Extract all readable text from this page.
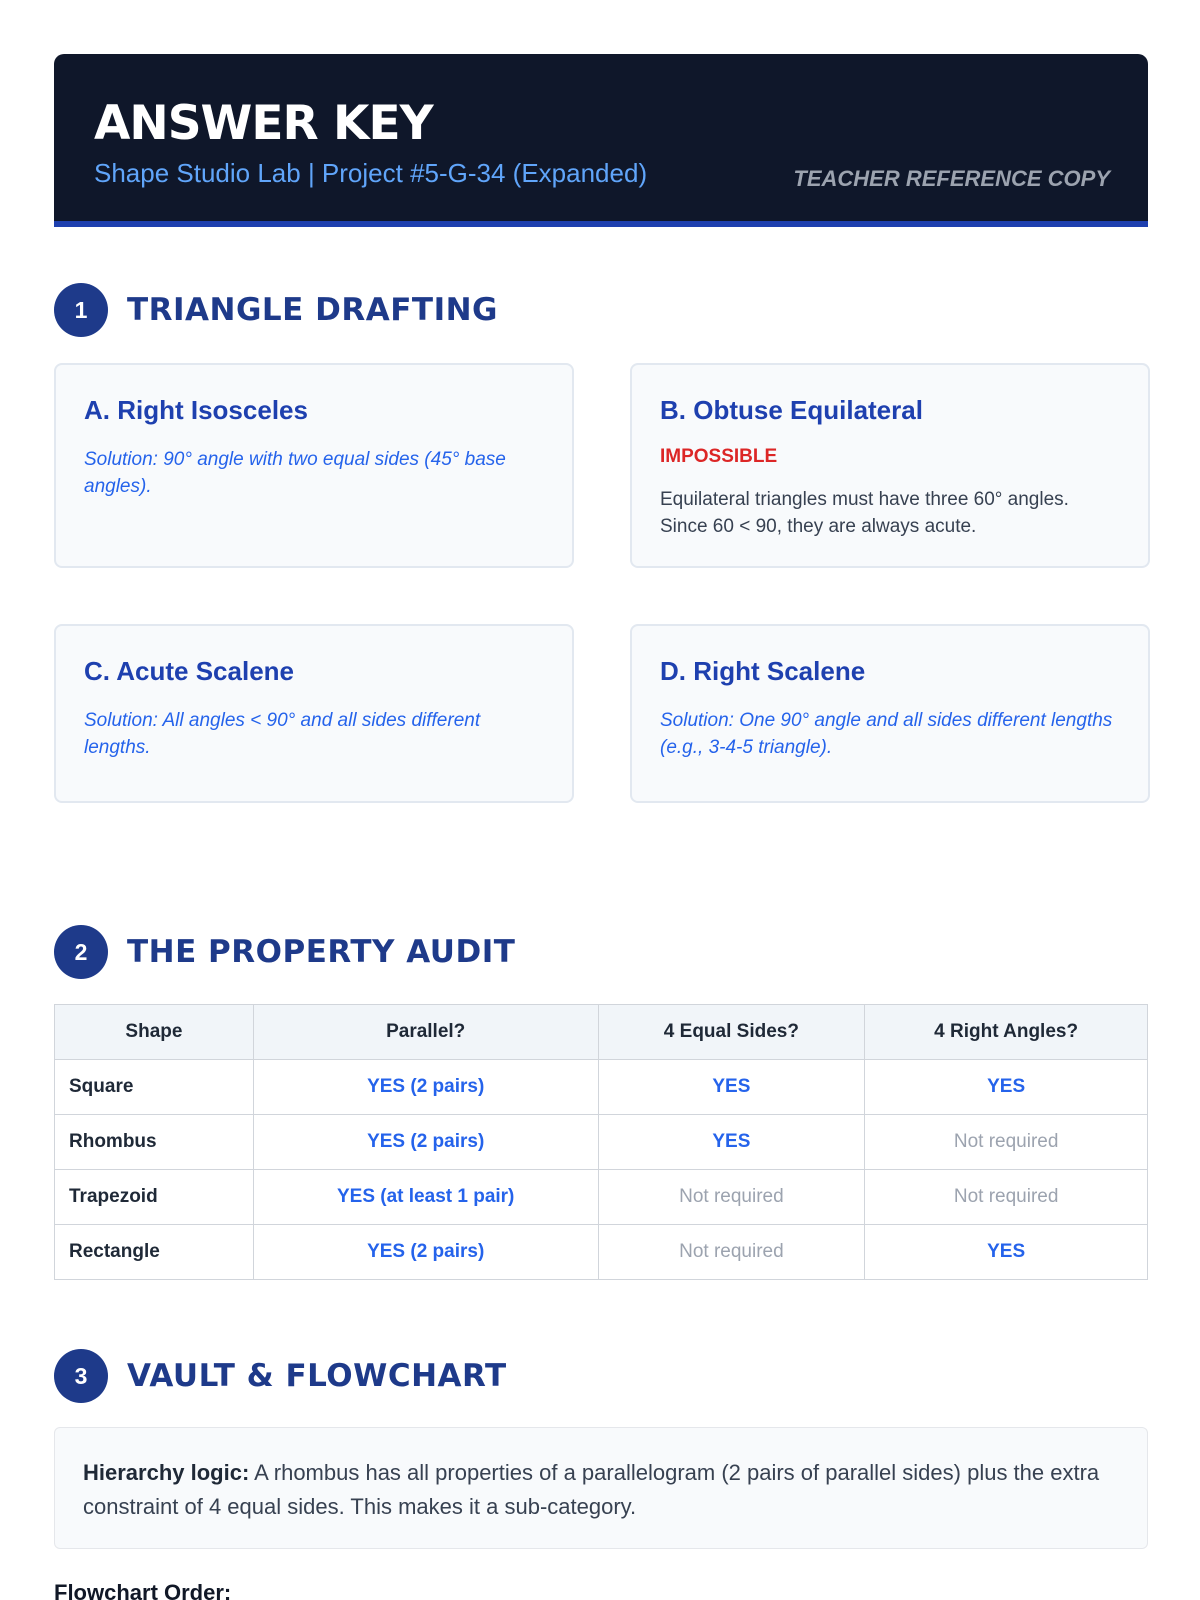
ANSWER KEY
Shape Studio Lab | Project #5-G-34 (Expanded)	TEACHER REFERENCE COPY
1	TRIANGLE DRAFTING
A. Right Isosceles
Solution: 90° angle with two equal sides (45° base angles).
B. Obtuse Equilateral
IMPOSSIBLE
Equilateral triangles must have three 60° angles. Since 60 < 90, they are always acute.
C. Acute Scalene
Solution: All angles < 90° and all sides different lengths.
D. Right Scalene
Solution: One 90° angle and all sides different lengths (e.g., 3-4-5 triangle).
2	THE PROPERTY AUDIT
Shape	Parallel?	4 Equal Sides?	4 Right Angles?
Square	YES (2 pairs)	YES	YES
Rhombus	YES (2 pairs)	YES	Not required
Trapezoid	YES (at least 1 pair)	Not required	Not required
Rectangle	YES (2 pairs)	Not required	YES
3	VAULT & FLOWCHART
Hierarchy logic: A rhombus has all properties of a parallelogram (2 pairs of parallel sides) plus the extra constraint of 4 equal sides. This makes it a sub-category.
Flowchart Order:
